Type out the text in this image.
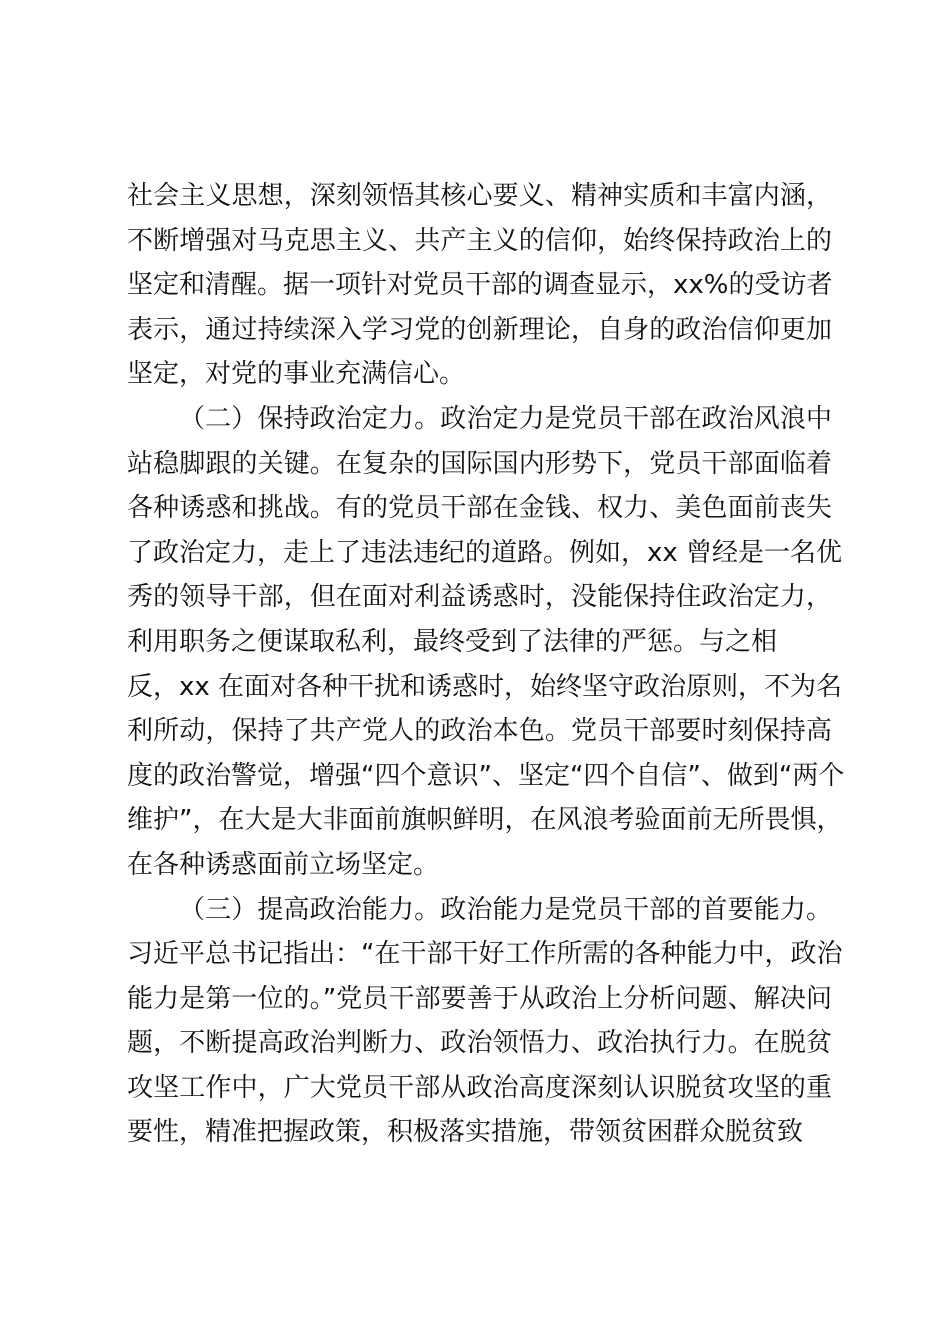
社会主义思想，深刻领悟其核心要义、精神实质和丰富内涵，
不断增强对马克思主义、共产主义的信仰，始终保持政治上的
坚定和清醒。据一项针对党员干部的调查显示，xx%的受访者
表示，通过持续深入学习党的创新理论，自身的政治信仰更加
坚定，对党的事业充满信心。
（二）保持政治定力。政治定力是党员干部在政治风浪中
站稳脚跟的关键。在复杂的国际国内形势下，党员干部面临着
各种诱惑和挑战。有的党员干部在金钱、权力、美色面前丧失
了政治定力，走上了违法违纪的道路。例如，xx 曾经是一名优
秀的领导干部，但在面对利益诱惑时，没能保持住政治定力，
利用职务之便谋取私利，最终受到了法律的严惩。与之相
反，xx 在面对各种干扰和诱惑时，始终坚守政治原则，不为名
利所动，保持了共产党人的政治本色。党员干部要时刻保持高
度的政治警觉，增强“四个意识”、坚定“四个自信”、做到“两个
维护”，在大是大非面前旗帜鲜明，在风浪考验面前无所畏惧，
在各种诱惑面前立场坚定。
（三）提高政治能力。政治能力是党员干部的首要能力。
习近平总书记指出：“在干部干好工作所需的各种能力中，政治
能力是第一位的。”党员干部要善于从政治上分析问题、解决问
题，不断提高政治判断力、政治领悟力、政治执行力。在脱贫
攻坚工作中，广大党员干部从政治高度深刻认识脱贫攻坚的重
要性，精准把握政策，积极落实措施，带领贫困群众脱贫致
